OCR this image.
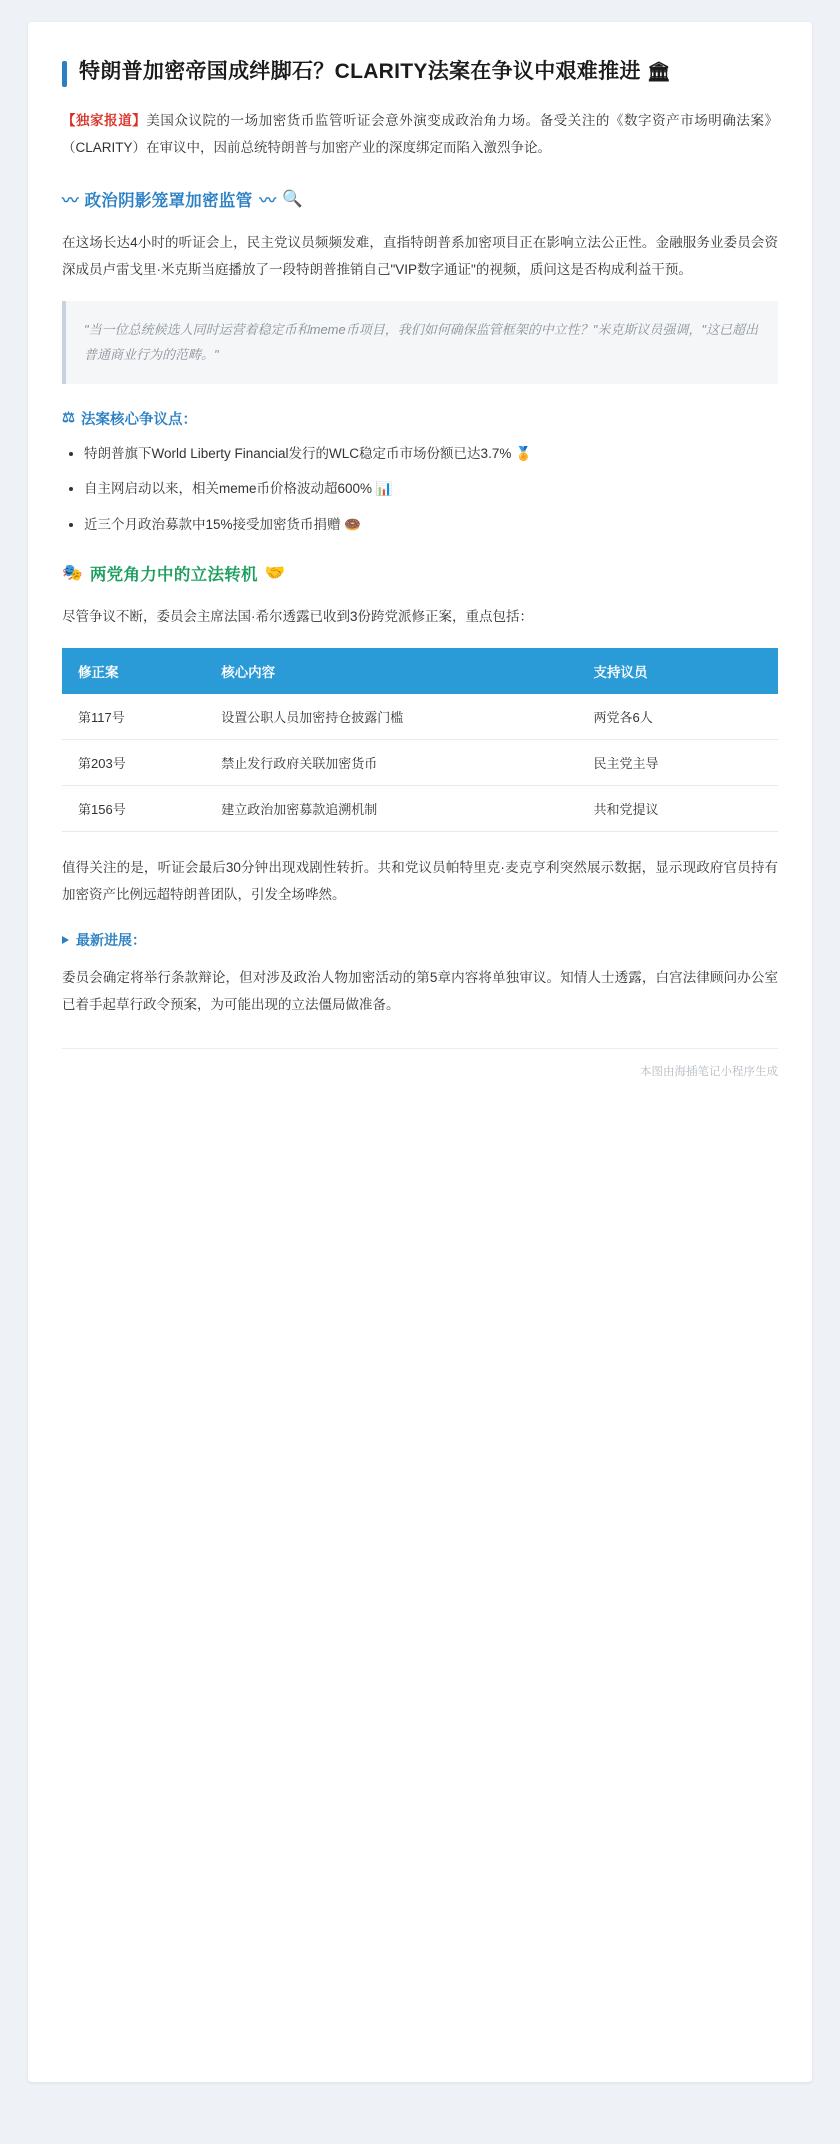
特朗普加密帝国成绊脚石？CLARITY法案在争议中艰难推进 🏛
【独家报道】美国众议院的一场加密货币监管听证会意外演变成政治角力场。备受关注的《数字资产市场明确法案》（CLARITY）在审议中，因前总统特朗普与加密产业的深度绑定而陷入激烈争论。
〰 政治阴影笼罩加密监管 〰 🔍

在这场长达4小时的听证会上，民主党议员频频发难，直指特朗普系加密项目正在影响立法公正性。金融服务业委员会资深成员卢雷戈里·米克斯当庭播放了一段特朗普推销自己"VIP数字通证"的视频，质问这是否构成利益干预。

"当一位总统候选人同时运营着稳定币和meme币项目，我们如何确保监管框架的中立性？"米克斯议员强调，"这已超出普通商业行为的范畴。"
⚖ 法案核心争议点：
• 特朗普旗下World Liberty Financial发行的WLC稳定币市场份额已达3.7% 🏅
• 自主网启动以来，相关meme币价格波动超600% 📊
• 近三个月政治募款中15%接受加密货币捐赠 🍩
🎭 两党角力中的立法转机 🤝

尽管争议不断，委员会主席法国·希尔透露已收到3份跨党派修正案，重点包括：

修正案	核心内容	支持议员
第117号	设置公职人员加密持仓披露门槛	两党各6人
第203号	禁止发行政府关联加密货币	民主党主导
第156号	建立政治加密募款追溯机制	共和党提议

值得关注的是，听证会最后30分钟出现戏剧性转折。共和党议员帕特里克·麦克亨利突然展示数据，显示现政府官员持有加密资产比例远超特朗普团队，引发全场哗然。

最新进展：

委员会确定将举行条款辩论，但对涉及政治人物加密活动的第5章内容将单独审议。知情人士透露，白宫法律顾问办公室已着手起草行政令预案，为可能出现的立法僵局做准备。

本图由海插笔记小程序生成
